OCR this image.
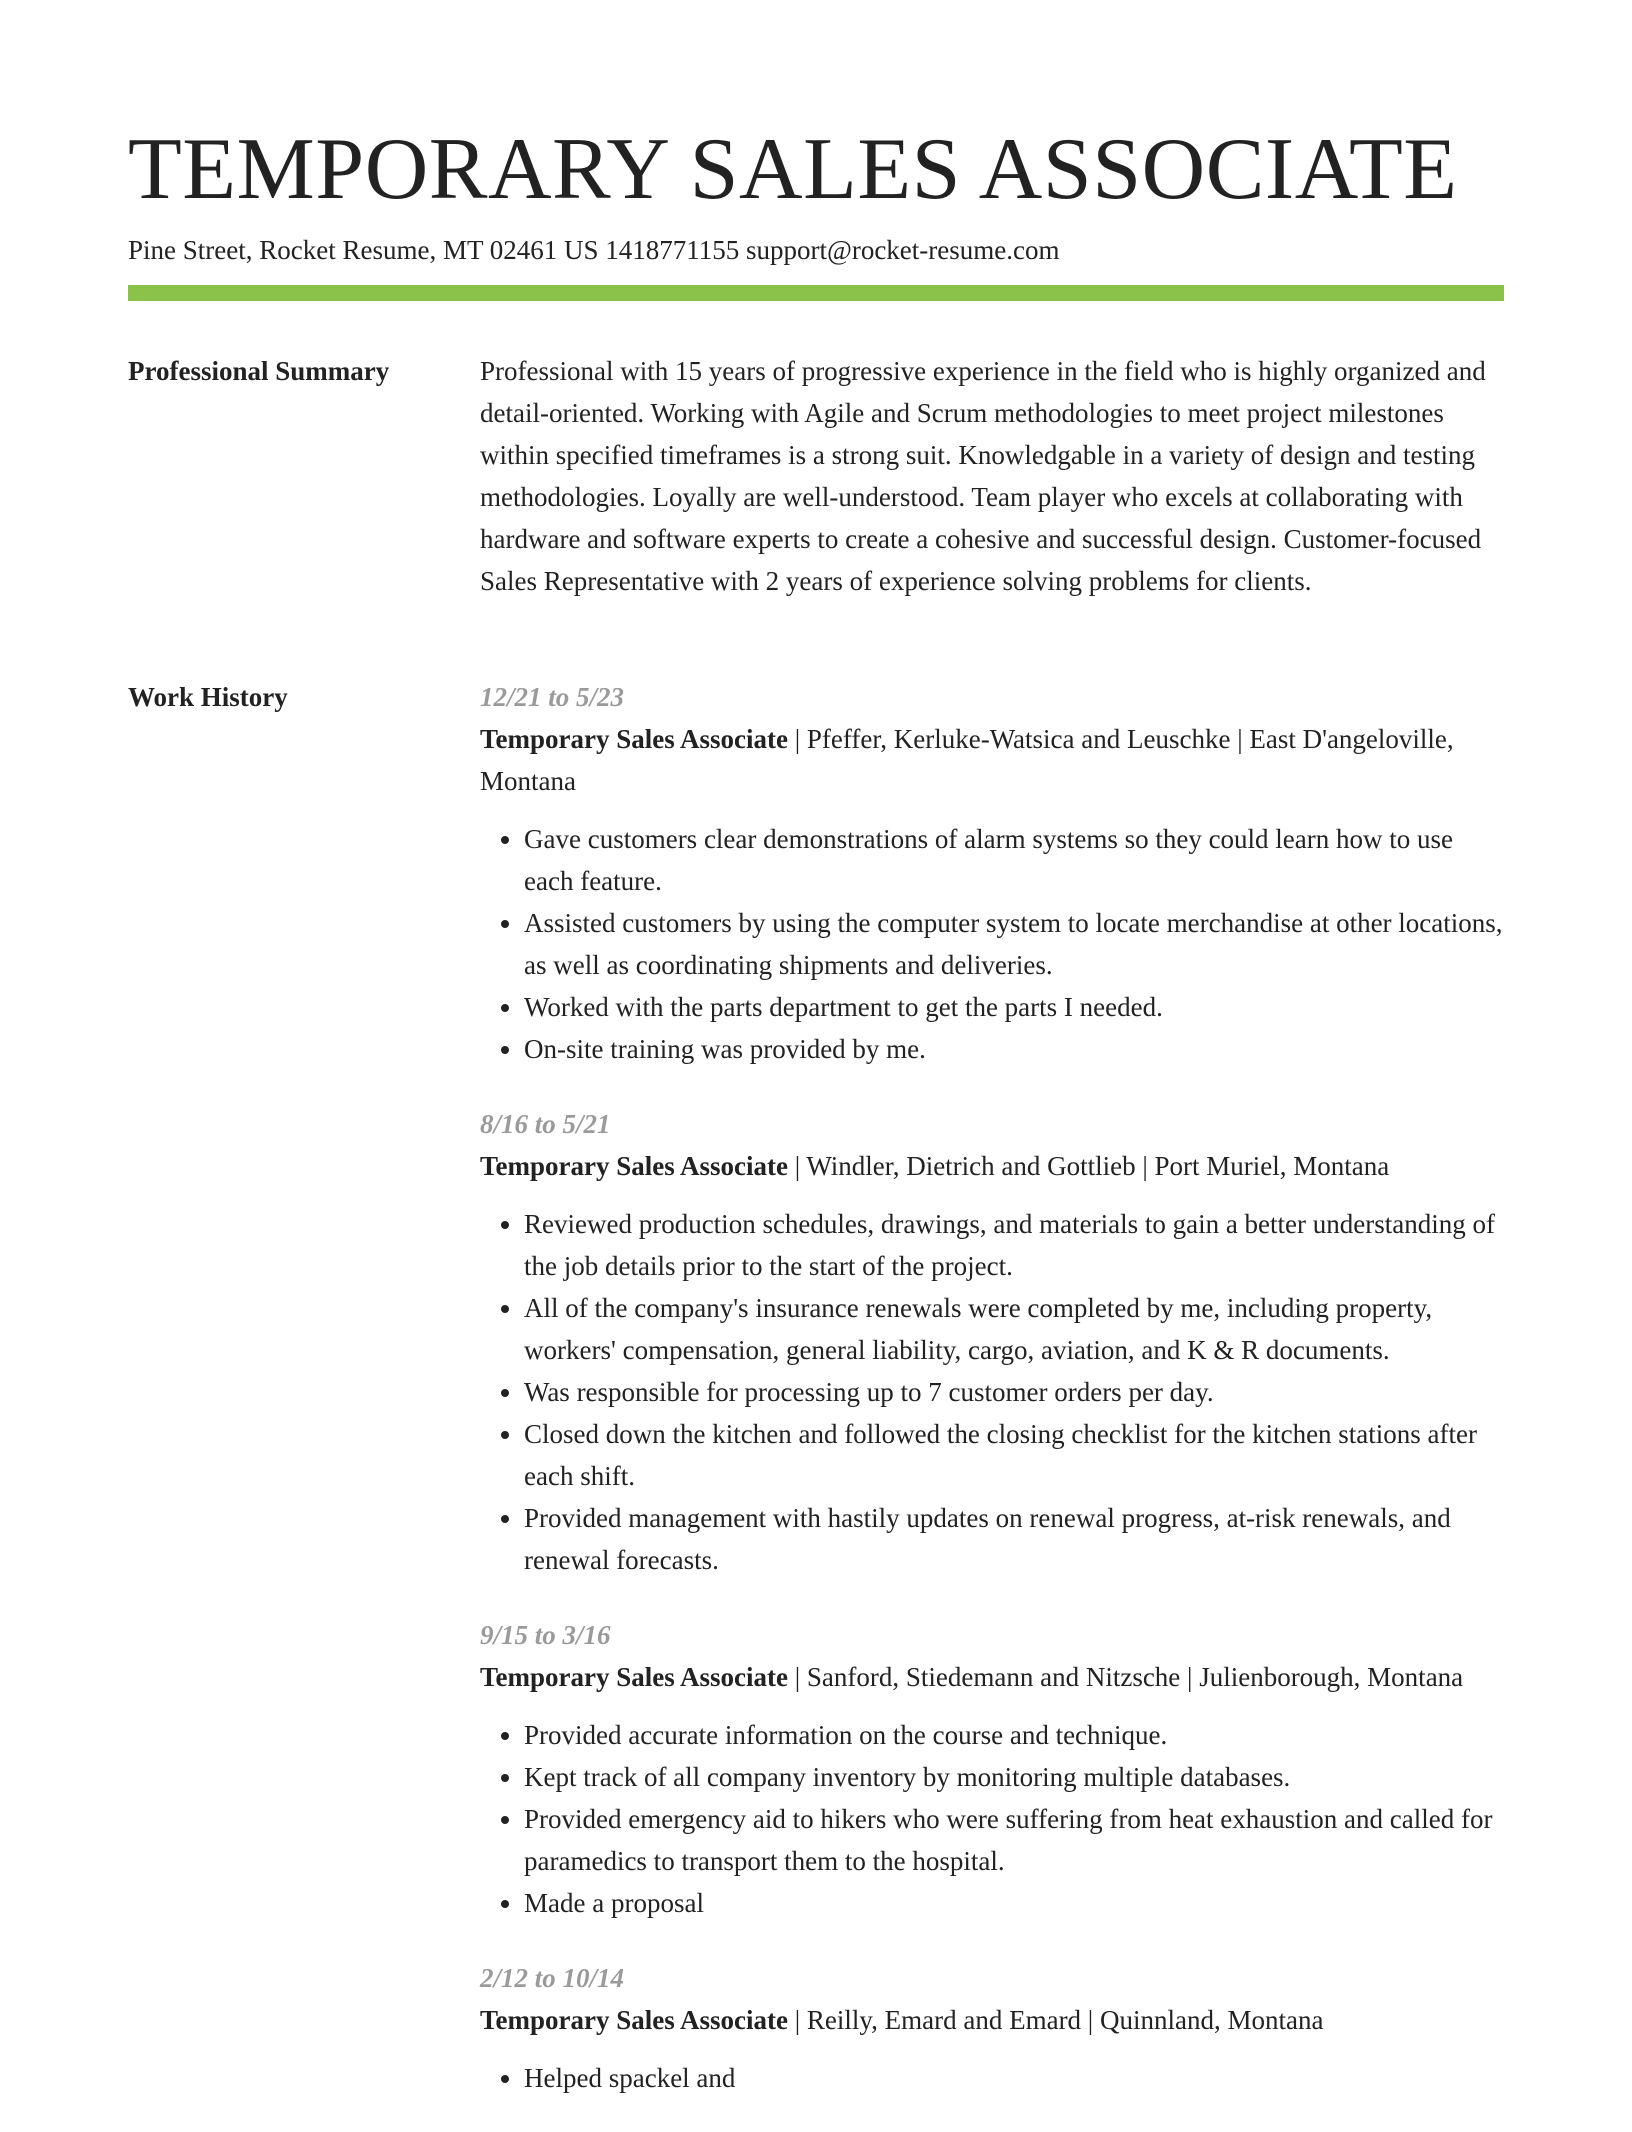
TEMPORARY SALES ASSOCIATE
Pine Street, Rocket Resume, MT 02461 US 1418771155 support@rocket-resume.com
Professional Summary	Professional with 15 years of progressive experience in the field who is highly organized and detail-oriented. Working with Agile and Scrum methodologies to meet project milestones within specified timeframes is a strong suit. Knowledgable in a variety of design and testing methodologies. Loyally are well-understood. Team player who excels at collaborating with hardware and software experts to create a cohesive and successful design. Customer-focused Sales Representative with 2 years of experience solving problems for clients.

Work History	12/21 to 5/23
Temporary Sales Associate | Pfeffer, Kerluke-Watsica and Leuschke | East D'angeloville, Montana
• Gave customers clear demonstrations of alarm systems so they could learn how to use each feature.
• Assisted customers by using the computer system to locate merchandise at other locations, as well as coordinating shipments and deliveries.
• Worked with the parts department to get the parts I needed.
• On-site training was provided by me.
8/16 to 5/21
Temporary Sales Associate | Windler, Dietrich and Gottlieb | Port Muriel, Montana
• Reviewed production schedules, drawings, and materials to gain a better understanding of the job details prior to the start of the project.
• All of the company's insurance renewals were completed by me, including property, workers' compensation, general liability, cargo, aviation, and K & R documents.
• Was responsible for processing up to 7 customer orders per day.
• Closed down the kitchen and followed the closing checklist for the kitchen stations after each shift.
• Provided management with hastily updates on renewal progress, at-risk renewals, and renewal forecasts.
9/15 to 3/16
Temporary Sales Associate | Sanford, Stiedemann and Nitzsche | Julienborough, Montana
• Provided accurate information on the course and technique.
• Kept track of all company inventory by monitoring multiple databases.
• Provided emergency aid to hikers who were suffering from heat exhaustion and called for paramedics to transport them to the hospital.
• Made a proposal
2/12 to 10/14
Temporary Sales Associate | Reilly, Emard and Emard | Quinnland, Montana
• Helped spackel and
